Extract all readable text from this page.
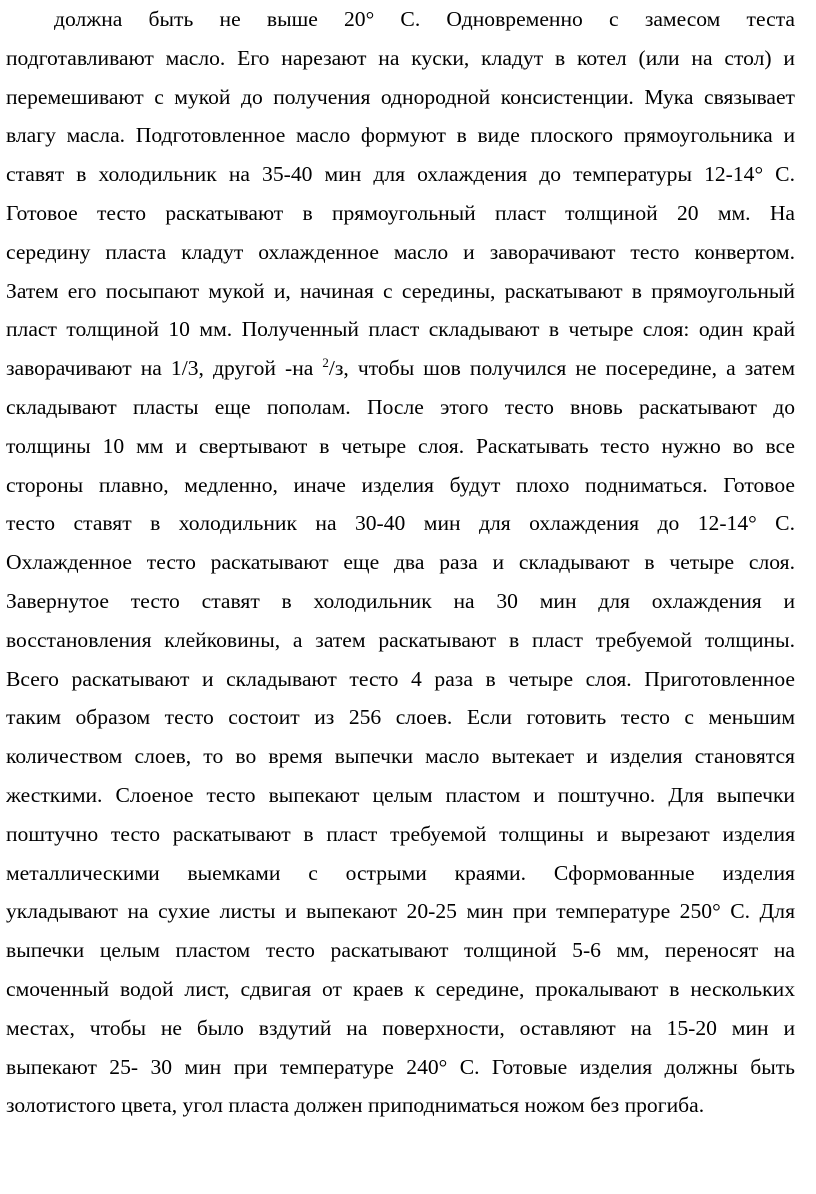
должна быть не выше 20° С. Одновременно с замесом теста
подготавливают масло. Его нарезают на куски, кладут в котел (или на стол) и
перемешивают с мукой до получения однородной консистенции. Мука связывает
влагу масла. Подготовленное масло формуют в виде плоского прямоугольника и
ставят в холодильник на 35-40 мин для охлаждения до температуры 12-14° С.
Готовое тесто раскатывают в прямоугольный пласт толщиной 20 мм. На
середину пласта кладут охлажденное масло и заворачивают тесто конвертом.
Затем его посыпают мукой и, начиная с середины, раскатывают в прямоугольный
пласт толщиной 10 мм. Полученный пласт складывают в четыре слоя: один край
заворачивают на 1/3, другой -на $^2$/з, чтобы шов получился не посередине, а затем
складывают пласты еще пополам. После этого тесто вновь раскатывают до
толщины 10 мм и свертывают в четыре слоя. Раскатывать тесто нужно во все
стороны плавно, медленно, иначе изделия будут плохо подниматься. Готовое
тесто ставят в холодильник на 30-40 мин для охлаждения до 12-14° С.
Охлажденное тесто раскатывают еще два раза и складывают в четыре слоя.
Завернутое тесто ставят в холодильник на 30 мин для охлаждения и
восстановления клейковины, а затем раскатывают в пласт требуемой толщины.
Всего раскатывают и складывают тесто 4 раза в четыре слоя. Приготовленное
таким образом тесто состоит из 256 слоев. Если готовить тесто с меньшим
количеством слоев, то во время выпечки масло вытекает и изделия становятся
жесткими. Слоеное тесто выпекают целым пластом и поштучно. Для выпечки
поштучно тесто раскатывают в пласт требуемой толщины и вырезают изделия
металлическими выемками с острыми краями. Сформованные изделия
укладывают на сухие листы и выпекают 20-25 мин при температуре 250° С. Для
выпечки целым пластом тесто раскатывают толщиной 5-6 мм, переносят на
смоченный водой лист, сдвигая от краев к середине, прокалывают в нескольких
местах, чтобы не было вздутий на поверхности, оставляют на 15-20 мин и
выпекают 25- 30 мин при температуре 240° С. Готовые изделия должны быть
золотистого цвета, угол пласта должен приподниматься ножом без прогиба.
